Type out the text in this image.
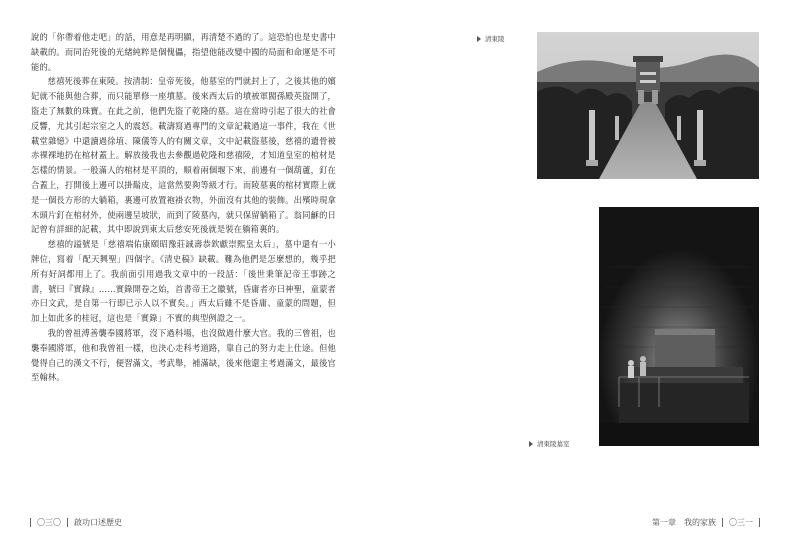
說的「你帶着他走吧」的話，用意是再明顯，再清楚不過的了。這恐怕也是史書中缺載的。而同治死後的光緒純粹是個傀儡，指望他能改變中國的局面和命運是不可能的。

慈禧死後葬在東陵。按清制：皇帝死後，他墓室的門就封上了，之後其他的嬪妃就不能與他合葬，而只能單修一座墳墓。後來西太后的墳被軍閥孫殿英盜開了，盜走了無數的珠寶。在此之前，他們先盜了乾隆的墓。這在當時引起了很大的社會反響，尤其引起宗室之人的震怒。載濤寫過專門的文章記載過這一事件，我在《世載堂雜憶》中還讀過徐埴、陳儀等人的有關文章，文中記載盜墓後，慈禧的遺骨被赤裸裸地扔在棺材蓋上。解放後我也去參觀過乾隆和慈禧陵，才知道皇室的棺材是怎樣的情景。一般滿人的棺材是平頂的，順着兩個堰下來，前邊有一個葫蘆，釘在合蓋上，打開後上邊可以掛鬍皮，這當然要夠等級才行。而陵墓裏的棺材實際上就是一個長方形的大躺箱，裏邊可放置袍褂衣物，外面沒有其他的裝飾。出殯時現拿木頭片釘在棺材外，使兩邊呈坡狀，而到了陵墓內，就只保留躺箱了。翁同龢的日記曾有詳細的記載，其中即說到東太后慈安死後就是裝在躺箱裏的。

慈禧的謚號是「慈禧端佑康頤昭豫莊誠壽恭欽獻崇熙皇太后」，墓中還有一小牌位，寫着「配天興聖」四個字。《清史稿》缺載。難為他們是怎麼想的，幾乎把所有好詞都用上了。我前面引用過我文章中的一段話：「後世秉筆記帝王事跡之書，號曰『實錄』……實錄開卷之始，首書帝王之徽號，昏庸者亦曰神聖，童蒙者亦曰文武，是自第一行即已示人以不實矣。」西太后雖不是昏庸、童蒙的問題，但加上如此多的桂冠，這也是「實錄」不實的典型例證之一。

我的曾祖溥善襲奉國將軍，沒下過科場，也沒做過什麼大官。我的三曾祖，也襲奉國將軍，他和我曾祖一樣，也決心走科考道路，靠自己的努力走上仕途。但他覺得自己的漢文不行，便習滿文，考武舉，補滿缺，後來他還主考過滿文，最後官至翰林。

〇三〇 啟功口述歷史
清東陵
清東陵墓室
第一章　我的家族 〇三一
